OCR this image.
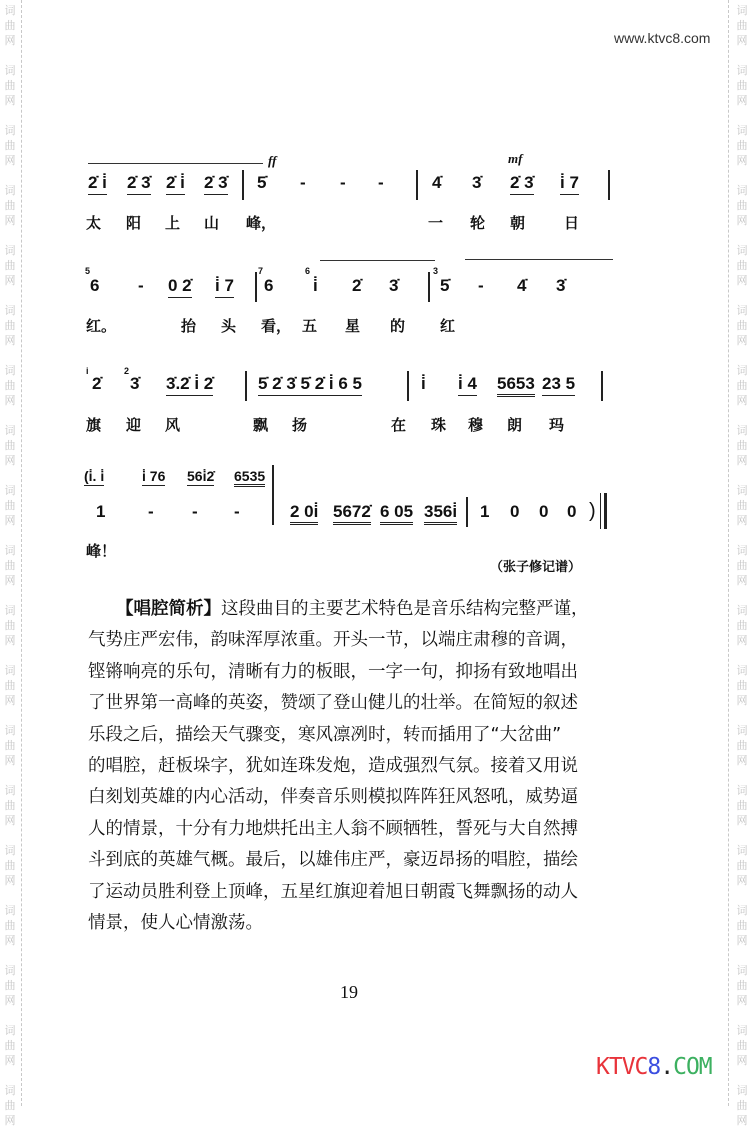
词
曲
网
词
曲
网
词
曲
网
词
曲
网
词
曲
网
词
曲
网
词
曲
网
词
曲
网
词
曲
网
词
曲
网
词
曲
网
词
曲
网
词
曲
网
词
曲
网
词
曲
网
词
曲
网
词
曲
网
词
曲
网
词
曲
网
词
曲
网
词
曲
网
词
曲
网
词
曲
网
词
曲
网
词
曲
网
词
曲
网
词
曲
网
词
曲
网
词
曲
网
词
曲
网
词
曲
网
词
曲
网
词
曲
网
词
曲
网
词
曲
网
词
曲
网
词
曲
网
词
曲
网
www.ktvc8.com
ff	mf
2̇ i̇ 2̇ 3̇ 2̇ i̇ 2̇ 3̇ 5̇ - - -	4̇ 3̇ 2̇ 3̇ i̇ 7
太 阳 上 山 峰，	一 轮 朝	日
5
6 - 0 2̇ i̇ 7
7
6
6
i̇ 2̇ 3̇
3
5̇ - 4̇ 3̇
红。	抬 头 看， 五 星 的 红
i
2̇
2
3̇ 3̇.2̇ i̇ 2̇	5̇ 2̇ 3̇ 5̇ 2̇ i̇ 6 5	i̇ i̇ 4 5653 23 5
旗 迎 风	飘 扬	在 珠 穆 朗 玛
(i̇. i̇	i̇ 76 56i̇2̇ 6535
1	- - -	2 0i̇ 5672̇ 6 05 356i̇ 1 0 0 0 )
峰！
（张子修记谱）
【唱腔简析】这段曲目的主要艺术特色是音乐结构完整严谨，
气势庄严宏伟，韵味浑厚浓重。开头一节，以端庄肃穆的音调，
铿锵响亮的乐句，清晰有力的板眼，一字一句，抑扬有致地唱出
了世界第一高峰的英姿，赞颂了登山健儿的壮举。在简短的叙述
乐段之后，描绘天气骤变，寒风凛冽时，转而插用了“大岔曲”
的唱腔，赶板垛字，犹如连珠发炮，造成强烈气氛。接着又用说
白刻划英雄的内心活动，伴奏音乐则模拟阵阵狂风怒吼，威势逼
人的情景，十分有力地烘托出主人翁不顾牺牲，誓死与大自然搏
斗到底的英雄气概。最后，以雄伟庄严，豪迈昂扬的唱腔，描绘
了运动员胜利登上顶峰，五星红旗迎着旭日朝霞飞舞飘扬的动人
情景，使人心情激荡。
19
KTVC8.COM
